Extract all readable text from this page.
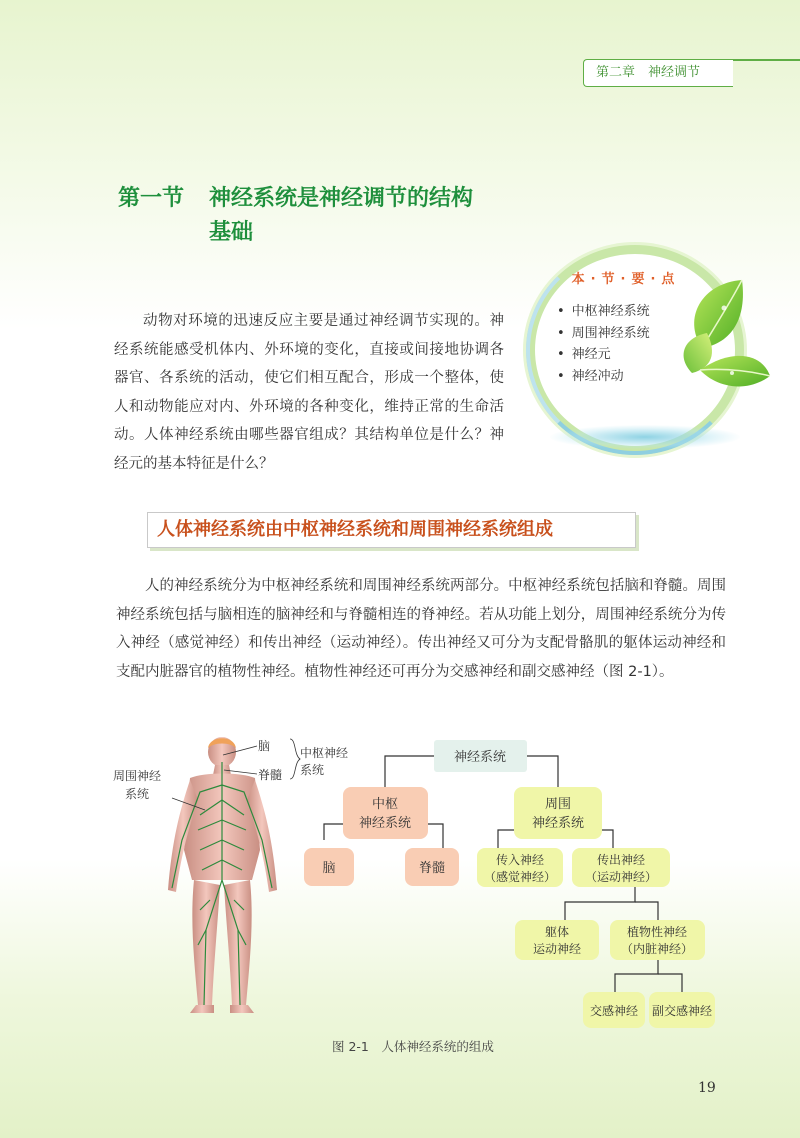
第二章　神经调节
第一节 神经系统是神经调节的结构
基础
本·节·要·点
• 中枢神经系统
• 周围神经系统
• 神经元
• 神经冲动

动物对环境的迅速反应主要是通过神经调节实现的。神经系统能感受机体内、外环境的变化，直接或间接地协调各器官、各系统的活动，使它们相互配合，形成一个整体，使人和动物能应对内、外环境的各种变化，维持正常的生命活动。人体神经系统由哪些器官组成？其结构单位是什么？神经元的基本特征是什么？

人体神经系统由中枢神经系统和周围神经系统组成

人的神经系统分为中枢神经系统和周围神经系统两部分。中枢神经系统包括脑和脊髓。周围神经系统包括与脑相连的脑神经和与脊髓相连的脊神经。若从功能上划分，周围神经系统分为传入神经（感觉神经）和传出神经（运动神经）。传出神经又可分为支配骨骼肌的躯体运动神经和支配内脏器官的植物性神经。植物性神经还可再分为交感神经和副交感神经（图 2-1）。

脑
脊髓
中枢神经
系统
周围神经
系统
神经系统
中枢
神经系统
周围
神经系统
脑	脊髓
传入神经
（感觉神经）
传出神经
（运动神经）
躯体
运动神经
植物性神经
（内脏神经）
交感神经 副交感神经
图 2-1　人体神经系统的组成
19
